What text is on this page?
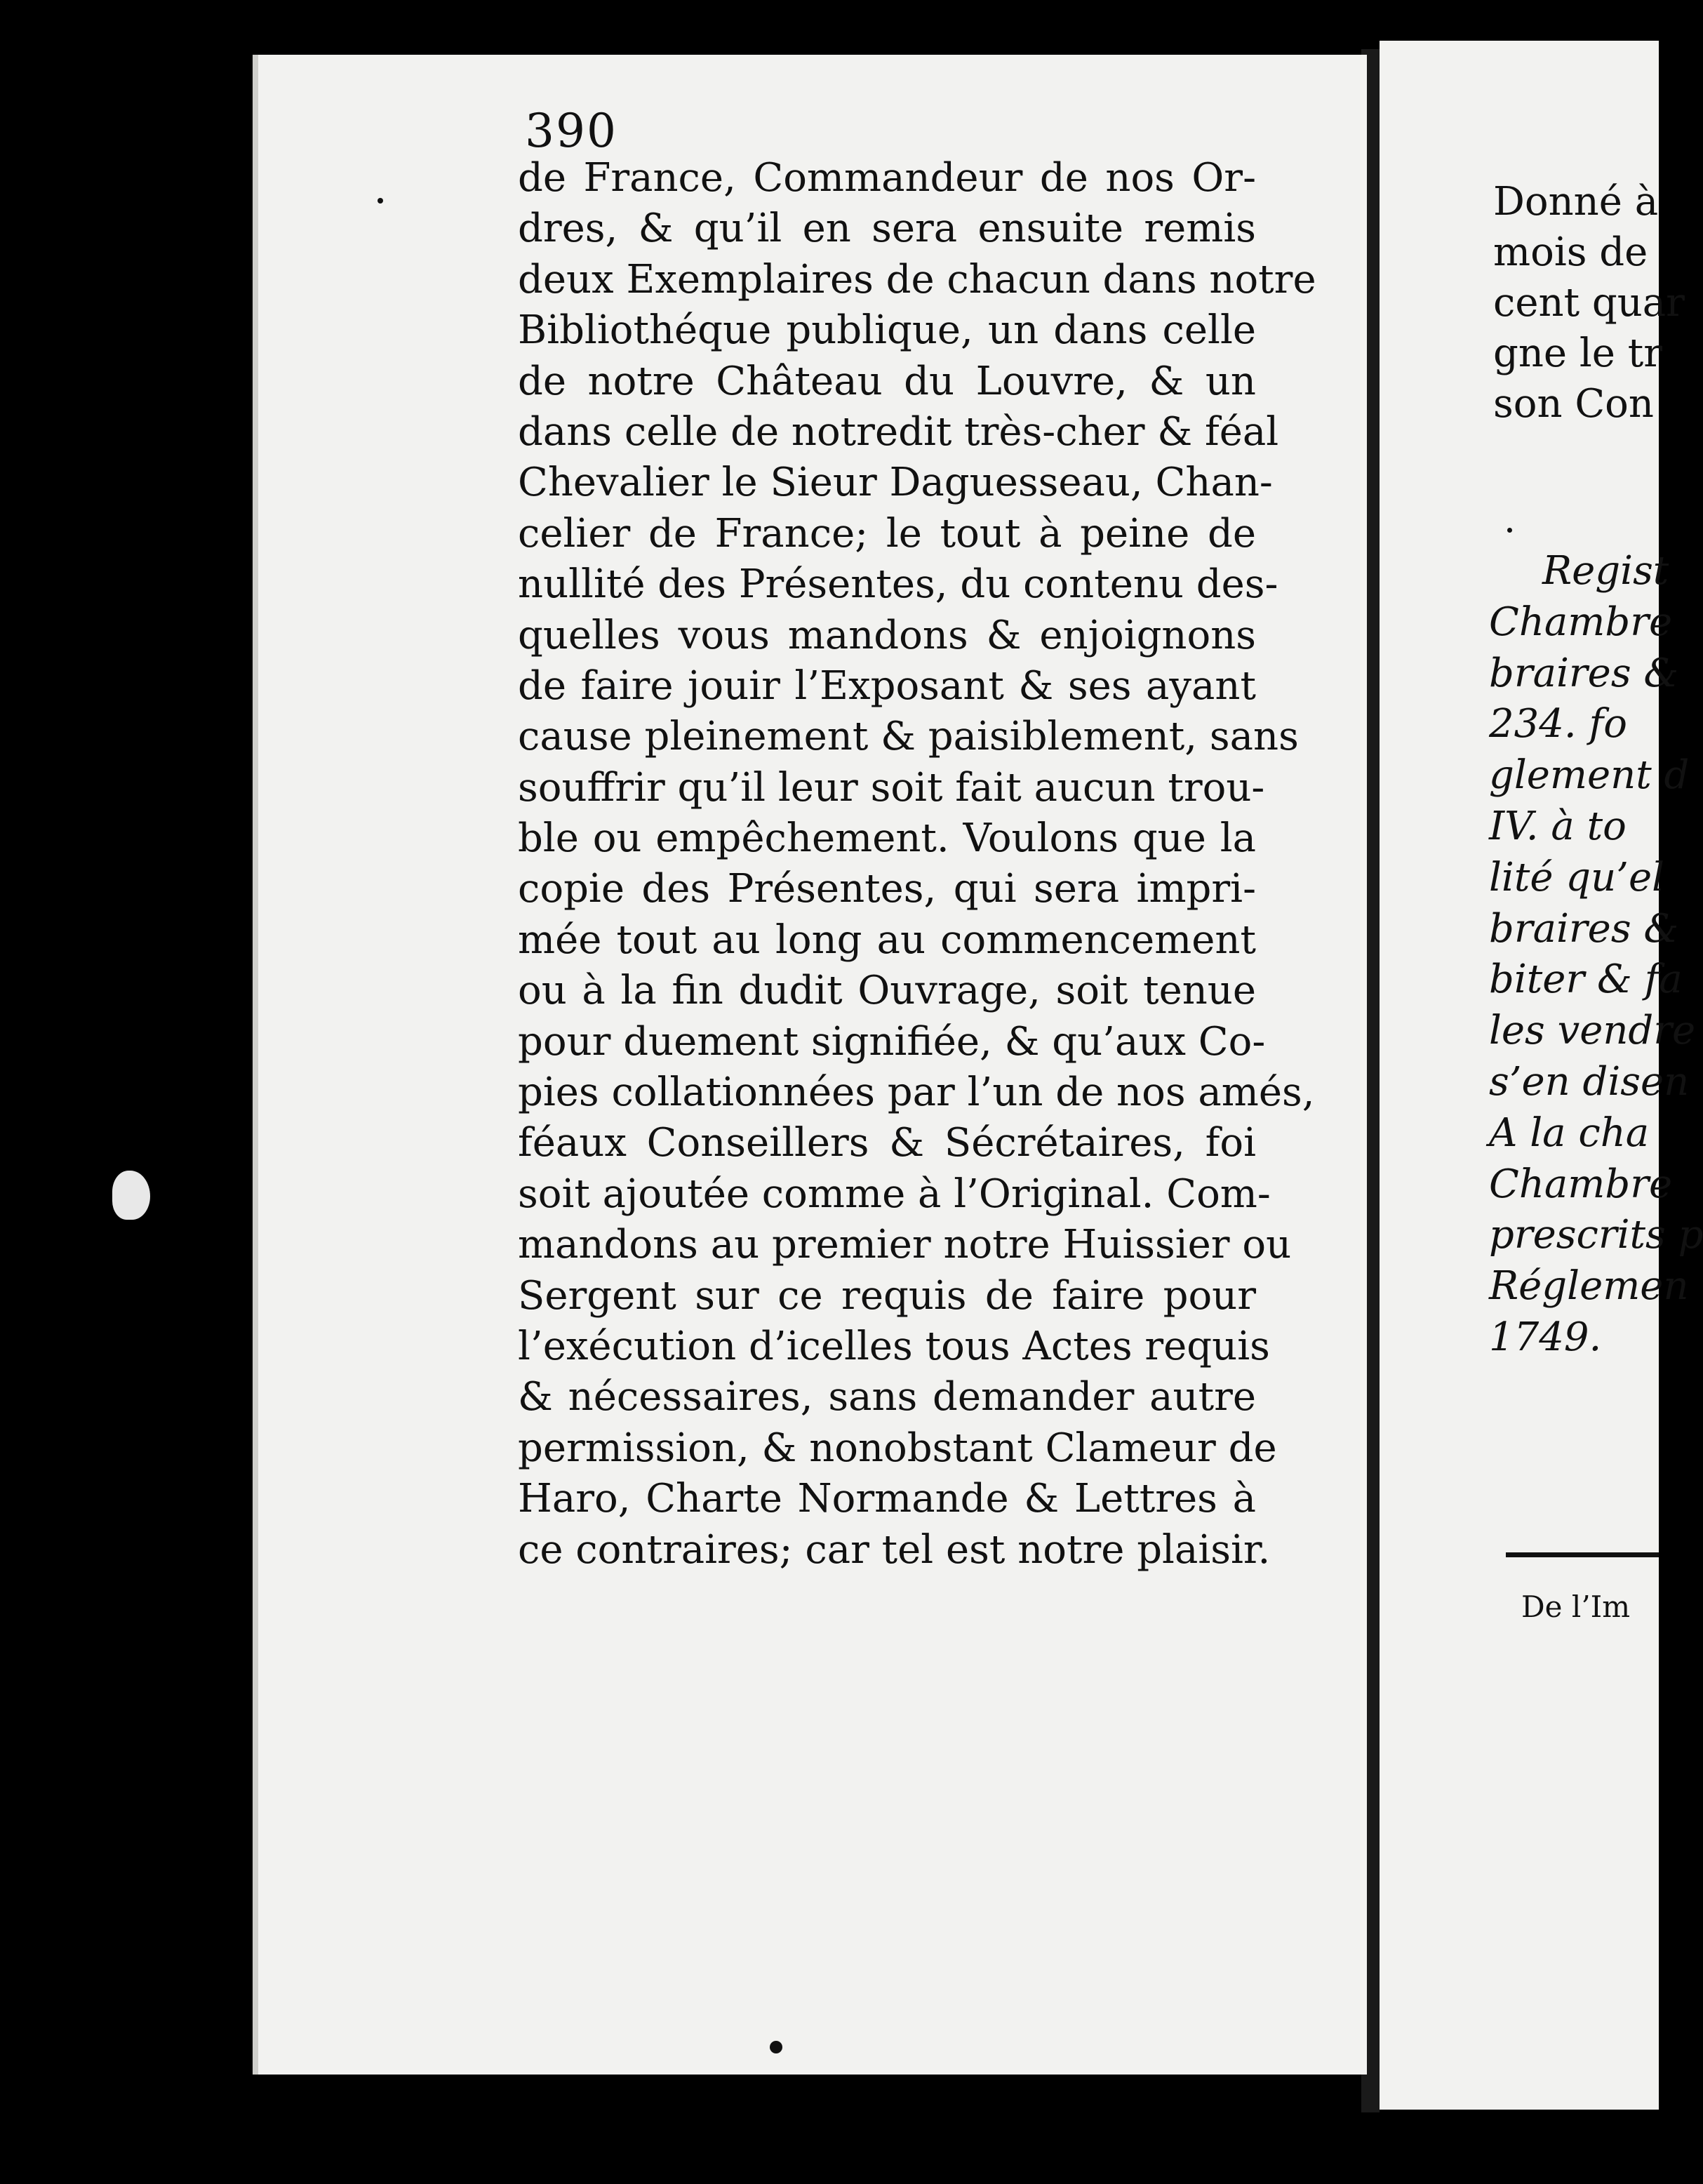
390
de France, Commandeur de nos Or-
dres, & qu’il en sera ensuite remis
deux Exemplaires de chacun dans notre
Bibliothéque publique, un dans celle
de notre Château du Louvre, & un
dans celle de notredit très-cher & féal
Chevalier le Sieur Daguesseau, Chan-
celier de France; le tout à peine de
nullité des Présentes, du contenu des-
quelles vous mandons & enjoignons
de faire jouir l’Exposant & ses ayant
cause pleinement & paisiblement, sans
souffrir qu’il leur soit fait aucun trou-
ble ou empêchement. Voulons que la
copie des Présentes, qui sera impri-
mée tout au long au commencement
ou à la fin dudit Ouvrage, soit tenue
pour duement signifiée, & qu’aux Co-
pies collationnées par l’un de nos amés,
féaux Conseillers & Sécrétaires, foi
soit ajoutée comme à l’Original. Com-
mandons au premier notre Huissier ou
Sergent sur ce requis de faire pour
l’exécution d’icelles tous Actes requis
& nécessaires, sans demander autre
permission, & nonobstant Clameur de
Haro, Charte Normande & Lettres à
ce contraires; car tel est notre plaisir.
Donné à
mois de
cent quar
gne le tr
son Con
Regist
Chambre
braires &
234. fo
glement d
IV. à to
lité qu’el
braires &
biter & fa
les vendre
s’en disen
A la cha
Chambre
prescrits p
Réglemen
1749.
De l’Im
